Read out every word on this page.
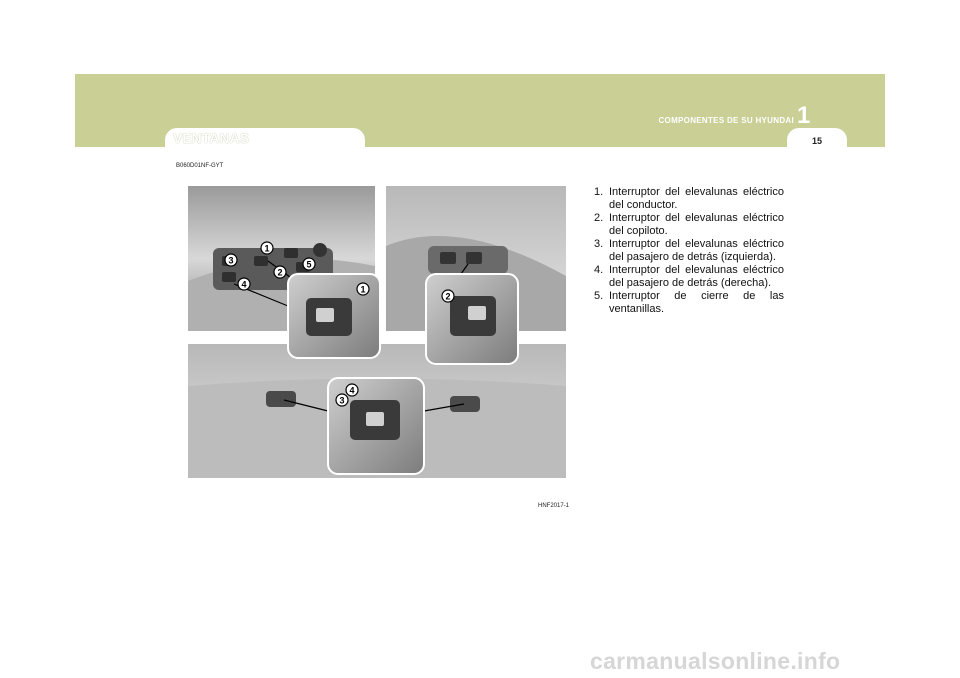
VENTANAS	15
COMPONENTES DE SU HYUNDAI 1
B060D01NF-GYT
1
2
3
4
5
1
2
3
4
HNF2017-1
1. Interruptor del elevalunas eléctrico del conductor.
2. Interruptor del elevalunas eléctrico del copiloto.
3. Interruptor del elevalunas eléctrico del pasajero de detrás (izquierda).
4. Interruptor del elevalunas eléctrico del pasajero de detrás (derecha).
5. Interruptor de cierre de las ventanillas.
carmanualsonline.info
